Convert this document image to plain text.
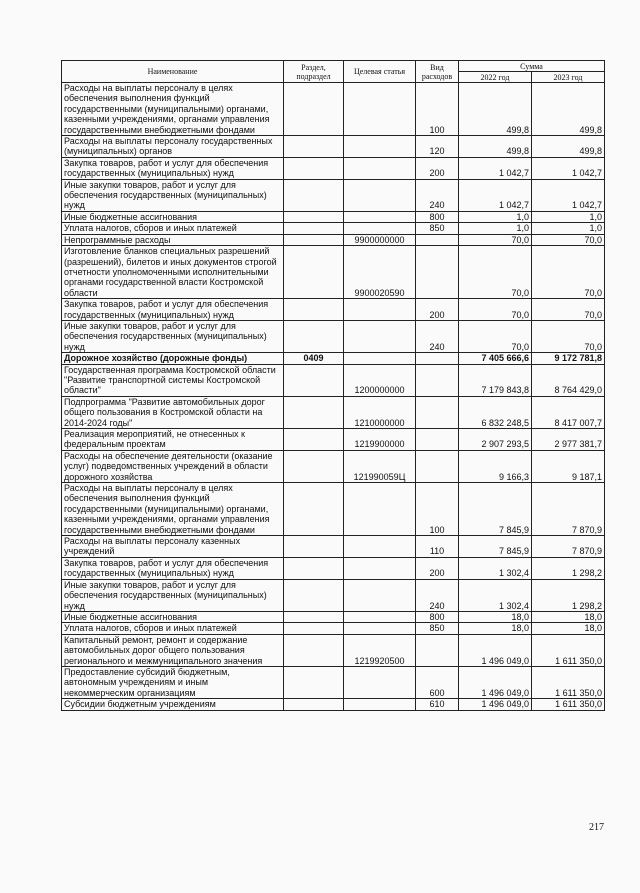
Наименование	Раздел, подраздел	Целевая статья	Вид расходов	Сумма	
				2022 год	2023 год

Расходы на выплаты персоналу в целях обеспечения выполнения функций государственными (муниципальными) органами, казенными учреждениями, органами управления государственными внебюджетными фондами			100	499,8	499,8

Расходы на выплаты персоналу государственных (муниципальных) органов			120	499,8	499,8

Закупка товаров, работ и услуг для обеспечения государственных (муниципальных) нужд			200	1 042,7	1 042,7

Иные закупки товаров, работ и услуг для обеспечения государственных (муниципальных) нужд			240	1 042,7	1 042,7

Иные бюджетные ассигнования			800	1,0	1,0

Уплата налогов, сборов и иных платежей			850	1,0	1,0

Непрограммные расходы		9900000000		70,0	70,0

Изготовление бланков специальных разрешений (разрешений), билетов и иных документов строгой отчетности уполномоченными исполнительными органами государственной власти Костромской области		9900020590		70,0	70,0

Закупка товаров, работ и услуг для обеспечения государственных (муниципальных) нужд			200	70,0	70,0

Иные закупки товаров, работ и услуг для обеспечения государственных (муниципальных) нужд			240	70,0	70,0

Дорожное хозяйство (дорожные фонды)	0409			7 405 666,6	9 172 781,8

Государственная программа Костромской области "Развитие транспортной системы Костромской области"		1200000000		7 179 843,8	8 764 429,0

Подпрограмма "Развитие автомобильных дорог общего пользования в Костромской области на 2014-2024 годы"		1210000000		6 832 248,5	8 417 007,7

Реализация мероприятий, не отнесенных к федеральным проектам		1219900000		2 907 293,5	2 977 381,7

Расходы на обеспечение деятельности (оказание услуг) подведомственных учреждений в области дорожного хозяйства		121990059Ц		9 166,3	9 187,1

Расходы на выплаты персоналу в целях обеспечения выполнения функций государственными (муниципальными) органами, казенными учреждениями, органами управления государственными внебюджетными фондами			100	7 845,9	7 870,9

Расходы на выплаты персоналу казенных учреждений			110	7 845,9	7 870,9

Закупка товаров, работ и услуг для обеспечения государственных (муниципальных) нужд			200	1 302,4	1 298,2

Иные закупки товаров, работ и услуг для обеспечения государственных (муниципальных) нужд			240	1 302,4	1 298,2

Иные бюджетные ассигнования			800	18,0	18,0

Уплата налогов, сборов и иных платежей			850	18,0	18,0

Капитальный ремонт, ремонт и содержание автомобильных дорог общего пользования регионального и межмуниципального значения		1219920500		1 496 049,0	1 611 350,0

Предоставление субсидий бюджетным, автономным учреждениям и иным некоммерческим организациям			600	1 496 049,0	1 611 350,0

Субсидии бюджетным учреждениям			610	1 496 049,0	1 611 350,0
217
